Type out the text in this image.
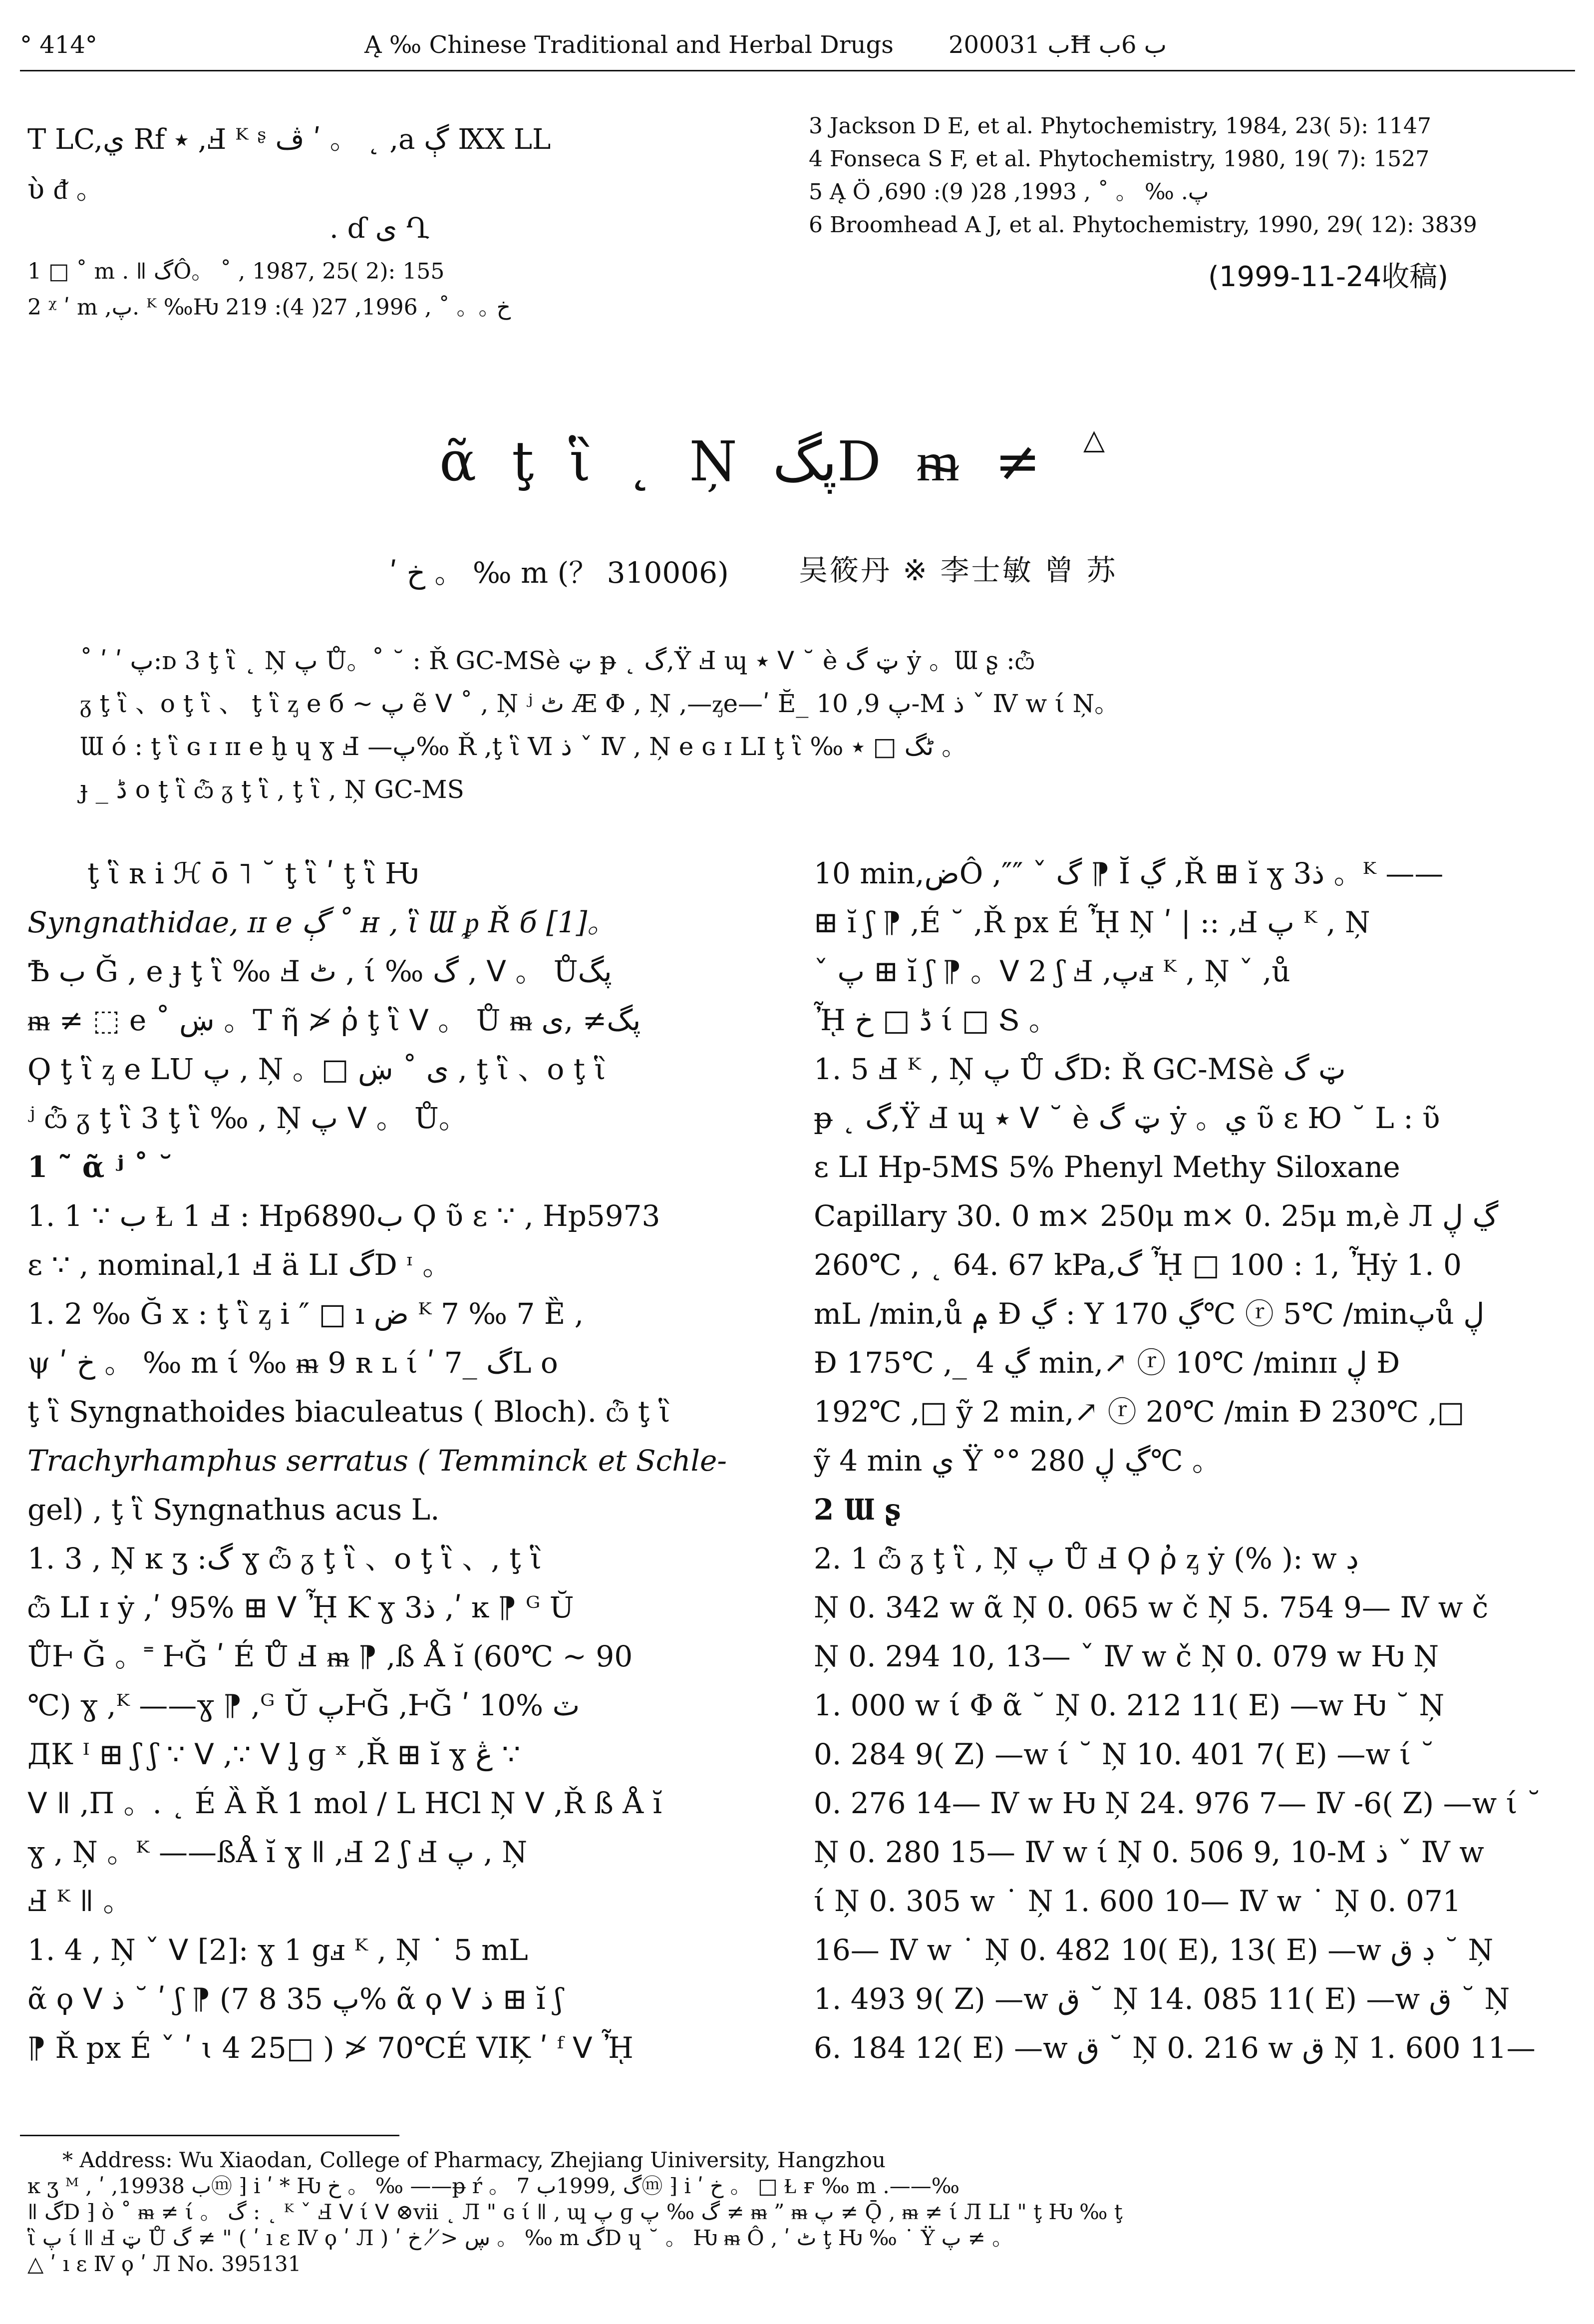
° 414°	Ą ‰ Chinese Traditional and Herbal Drugs 2000ب 31Ħ ب 6ب
T LC,ي Rf ٭ ,Ⅎ ᴷ ᶳ ڤ ʹ 。 ˛ ,a ڳ ⅨⅩ ⅬL
ὺ ᵭ 。
. ɗ ى Ղ
1 □ ˚ m . ǁ گÔ。 ˚ , 1987, 25( 2): 155
2 ᵡ ʹ m ,پ. ᴷ ‰Ƕ خ 。。 ˚ , 1996, 27( 4): 219
3 Jackson D E, et al. Phytochemistry, 1984, 23( 5): 1147
4 Fonseca S F, et al. Phytochemistry, 1980, 19( 7): 1527
5 Ą Ö ,پ. ‰ 。 ˚ , 1993, 28( 9): 690
6 Broomhead A J, et al. Phytochemistry, 1990, 29( 12): 3839
(1999-11-24收稿)
ᾶ ţ ἳ ˛ Ņ پگD ᵯ ≠ △
ʹ خ 。 ‰ m (？ 310006) 吴筱丹 ※ 李士敏 曾 苏

˚ ʹ ʹ پ:ᴅ 3 ţ ἳ ˛ Ņ پ Ů。˚ ˘ : Ř GC-MSè ټ ᵽ ˛ گ,Ÿ Ⅎ ɰ ٭ ᐯ ˘ è ټ گ ẏ 。Ɯ ʂ :ѽ

ᵹ ţ ἳ 、o ţ ἳ 、 ţ ἳ ᶎ e б ~ پ ẽ ᐯ ˚ , Ņ ʲ ٹ Æ Φ , Ņ ,—ᶎe—ʹ Ĕ_ پ 9, 10-Ⅿ ذ ˇ Ⅳ w ί Ņ。

Ɯ ó : ţ ἳ ɢ ɪ ɪɪ e ḫ ɥ ɣ Ⅎ —پ‰ Ř ,ţ ἳ Ⅵ ذ ˇ Ⅳ , Ņ e ɢ ɪ ⅬI ţ ἳ ‰ ٹگ □ ٭ 。

ɟ _ ڈ o ţ ἳ ѽ ᵹ ţ ἳ , ţ ἳ , Ņ GC-MS

ţ ἳ ʀ і ℋ ō ˥ ˘ ţ ἳ ʹ ţ ἳ Ƕ

Syngnathidae, ɪɪ e ڳ ˚ ʜ , ἳ Ɯ ᵱ Ř б [1]。

Ѣ ب Ğ , e ɟ ţ ἳ ‰ Ⅎ ٹ , ί ‰ گ , ᐯ 。 Ůپگ

ᵯ ≠ ⬚ e ˚ ښ 。T ῆ ≯ ῤ ţ ἳ ᐯ 。 Ů ᵯ پگ≠ ,ى

Ϙ ţ ἳ ᶎ e ⅬU پ , Ņ 。□ ى ˚ ښ , ţ ἳ 、o ţ ἳ

ʲ ѽ ᵹ ţ ἳ 3 ţ ἳ ‰ , Ņ پ ᐯ 。 Ů。

1 ˜ ᾶ ʲ ˚ ˘

1. 1 ∵ ب Ɫ 1 Ⅎ : Hp6890ب Ϙ ῦ ɛ ∵ , Hp5973

ɛ ∵ , nominal,1 Ⅎ ä ⅬI گD ᶦ 。

1. 2 ‰ Ğ x : ţ ἳ ᶎ і ″ □ ı ض ᴷ 7 ‰ 7 Ȅ ,

ψ ʹ خ 。 ‰ m ί ‰ ᵯ 9 ʀ ʟ ί ʹ 7_ گⅬ o

ţ ἳ Syngnathoides biaculeatus ( Bloch). ѽ ţ ἳ

Trachyrhamphus serratus ( Temminck et Schle-

gel) , ţ ἳ Syngnathus acus L.

1. 3 , Ņ ĸ ʒ :گ ɣ ѽ ᵹ ţ ἳ 、o ţ ἳ 、, ţ ἳ

ѽ ⅬI ɪ ẏ ,ʹ 95% ⊞ ᐯ ᾞ Ƙ ɣ 3ذ ,ʹ ĸ ⁋ ᴳ Ŭ

ŮⱵ Ğ 。˭ ⱵĞ ʹ É Ů Ⅎ ᵯ ⁋ ,ß Å ĭ (60℃ ~ 90

℃) ɣ ,ᴷ ——ɣ ⁋ ,ᴳ Ŭ پⱵĞ ,ⱵĞ ʹ 10% ٽ

ДК ᴵ ⊞ ʃ ʃ ∵ ᐯ ,∵ ᐯ ᶅ ɡ ˣ ,Ř ⊞ ĭ ɣ ڠ ∵

ᐯ ǁ ,Π 。. ˛ É Ȁ Ř 1 mol / L HCl Ņ ᐯ ,Ř ß Å ĭ

ɣ , Ņ 。ᴷ ——ßÅ ĭ ɣ ǁ ,Ⅎ 2 ʃ Ⅎ پ , Ņ

Ⅎ ᴷ ǁ 。

1. 4 , Ņ ˇ ᐯ [2]: ɣ 1 gⅎ ᴷ , Ņ ˙ 5 mL

ᾶ ϙ ᐯ ذ ˘ ʹ ʃ ⁋ (7 8 پ 35% ᾶ ϙ ᐯ ذ ⊞ ĭ ʃ

⁋ Ř px É ˇ ʹ ɩ 4 25□ ) ≯ 70℃É VIĶ ʹ ᶠ ᐯ ᾞ

10 min,ضÔ ,″″ ˇ گ ⁋ Ĭ ڲ ,Ř ⊞ ĭ ɣ 3ذ 。ᴷ ——

⊞ ĭ ʃ ⁋ ,É ˘ ,Ř px É ᾞ Ņ ʹ | :: ,Ⅎ پ ᴷ , Ņ

ˇ پ ⊞ ĭ ʃ ⁋ 。ᐯ 2 ʃ Ⅎ ,پⅎ ᴷ , Ņ ˇ ,ů

ᾞ ڈ □ خ ί □ Տ 。

1. 5 Ⅎ ᴷ , Ņ پ Ů گD: Ř GC-MSè ټ گ

ᵽ ˛ گ,Ÿ Ⅎ ɰ ٭ ᐯ ˘ è ټ گ ẏ 。ي ῦ ɛ Ю ˘ Ⅼ : ῦ

ɛ ⅬI Hp-5MS 5% Phenyl Methy Siloxane

Capillary 30. 0 m× 250μ m× 0. 25μ m,è Л ڲ ڸ

260℃ , ˛ 64. 67 kPa,گ ᾞ □ 100 : 1, ᾞẏ 1. 0

mL /min,ů ݦ Ɖ ڲ : Y ڲ 170℃ ⓡ 5℃ /minپů ڸ

Ɖ 175℃ ,_ ڲ 4 min,↗ ⓡ 10℃ /minɪɪ ڸ Ɖ

192℃ ,□ ỹ 2 min,↗ ⓡ 20℃ /min Ɖ 230℃ ,□

ỹ 4 min ي Ÿ °° ڲ ڸ 280℃ 。

2 Ɯ ʂ

2. 1 ѽ ᵹ ţ ἳ , Ņ پ Ů Ⅎ Ϙ ῤ ᶎ ẏ (% ): w ڊ

Ņ 0. 342 w ᾶ Ņ 0. 065 w č Ņ 5. 754 9— Ⅳ w č

Ņ 0. 294 10, 13— ˇ Ⅳ w č Ņ 0. 079 w Ƕ Ņ

1. 000 w ί Φ ᾶ ˘ Ņ 0. 212 11( E) —w Ƕ ˘ Ņ

0. 284 9( Z) —w ί ˘ Ņ 10. 401 7( E) —w ί ˘

0. 276 14— Ⅳ w Ƕ Ņ 24. 976 7— Ⅳ -6( Z) —w ί ˘

Ņ 0. 280 15— Ⅳ w ί Ņ 0. 506 9, 10-Ⅿ ذ ˇ Ⅳ w

ί Ņ 0. 305 w ˙ Ņ 1. 600 10— Ⅳ w ˙ Ņ 0. 071

16— Ⅳ w ˙ Ņ 0. 482 10( E), 13( E) —w ڊ ق ˘ Ņ

1. 493 9( Z) —w ق ˘ Ņ 14. 085 11( E) —w ق ˘ Ņ

6. 184 12( E) —w ق ˘ Ņ 0. 216 w ق Ņ 1. 600 11—

* Address: Wu Xiaodan, College of Pharmacy, Zhejiang Uiniversity, Hangzhou

ĸ ʒ ᴹ , ʹ ,1993ب 8ⓜ ⁆ і ʹ * Ƕ خ 。 ‰ ——ᵽ ŕ 。 گ ,1999ب 7ⓜ ⁆ і ʹ خ 。 □ Ɫ ғ ‰ m .——‰

ǁ گD ⁆ ò ˚ ᵯ ≠ ί 。 گ : ˛ ᴷ ˇ Ⅎ ᐯ ί ᐯ ⊗vii ˛ Л " ɢ ί ǁ , ɰ پ ɡ گ ‰ پ ≠ ᵯ ” ᵯ پ ≠ Ǭ , ᵯ ≠ ί Л ⅬI " ţ Ƕ ‰ ţ

ἳ پ ί ǁ Ⅎ ټ Ů گ ≠ " ( ʹ ı ɛ Ⅳ ϙ ʹ Л ) ʹ ڛ ≯ ʹ خ 。 ‰ m گD ɥ ˘ 。 Ƕ ᵯ Ô , ʹ ٹ ţ Ƕ ‰ ˙ Ÿ پ ≠ 。

△ ʹ ı ɛ Ⅳ ϙ ʹ Л No. 395131
